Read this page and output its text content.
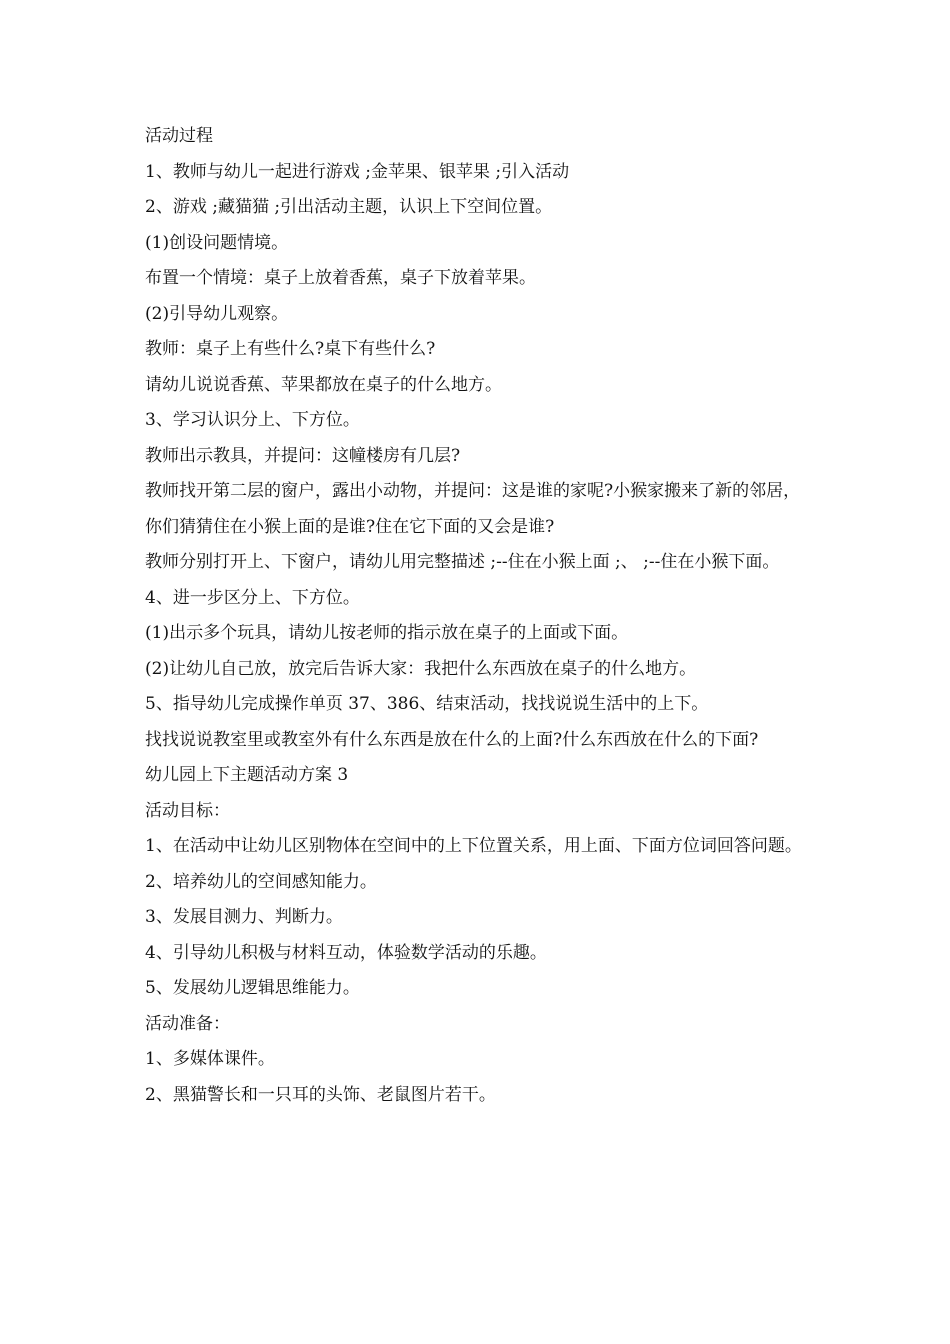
活动过程

1、教师与幼儿一起进行游戏 ;金苹果、银苹果 ;引入活动

2、游戏 ;藏猫猫 ;引出活动主题，认识上下空间位置。

(1)创设问题情境。

布置一个情境：桌子上放着香蕉，桌子下放着苹果。

(2)引导幼儿观察。

教师：桌子上有些什么?桌下有些什么?

请幼儿说说香蕉、苹果都放在桌子的什么地方。

3、学习认识分上、下方位。

教师出示教具，并提问：这幢楼房有几层?

教师找开第二层的窗户，露出小动物，并提问：这是谁的家呢?小猴家搬来了新的邻居，你们猜猜住在小猴上面的是谁?住在它下面的又会是谁?

教师分别打开上、下窗户，请幼儿用完整描述 ;--住在小猴上面 ;、 ;--住在小猴下面。

4、进一步区分上、下方位。

(1)出示多个玩具，请幼儿按老师的指示放在桌子的上面或下面。

(2)让幼儿自己放，放完后告诉大家：我把什么东西放在桌子的什么地方。

5、指导幼儿完成操作单页 37、386、结束活动，找找说说生活中的上下。

找找说说教室里或教室外有什么东西是放在什么的上面?什么东西放在什么的下面?

幼儿园上下主题活动方案 3

活动目标：

1、在活动中让幼儿区别物体在空间中的上下位置关系，用上面、下面方位词回答问题。

2、培养幼儿的空间感知能力。

3、发展目测力、判断力。

4、引导幼儿积极与材料互动，体验数学活动的乐趣。

5、发展幼儿逻辑思维能力。

活动准备：

1、多媒体课件。

2、黑猫警长和一只耳的头饰、老鼠图片若干。
